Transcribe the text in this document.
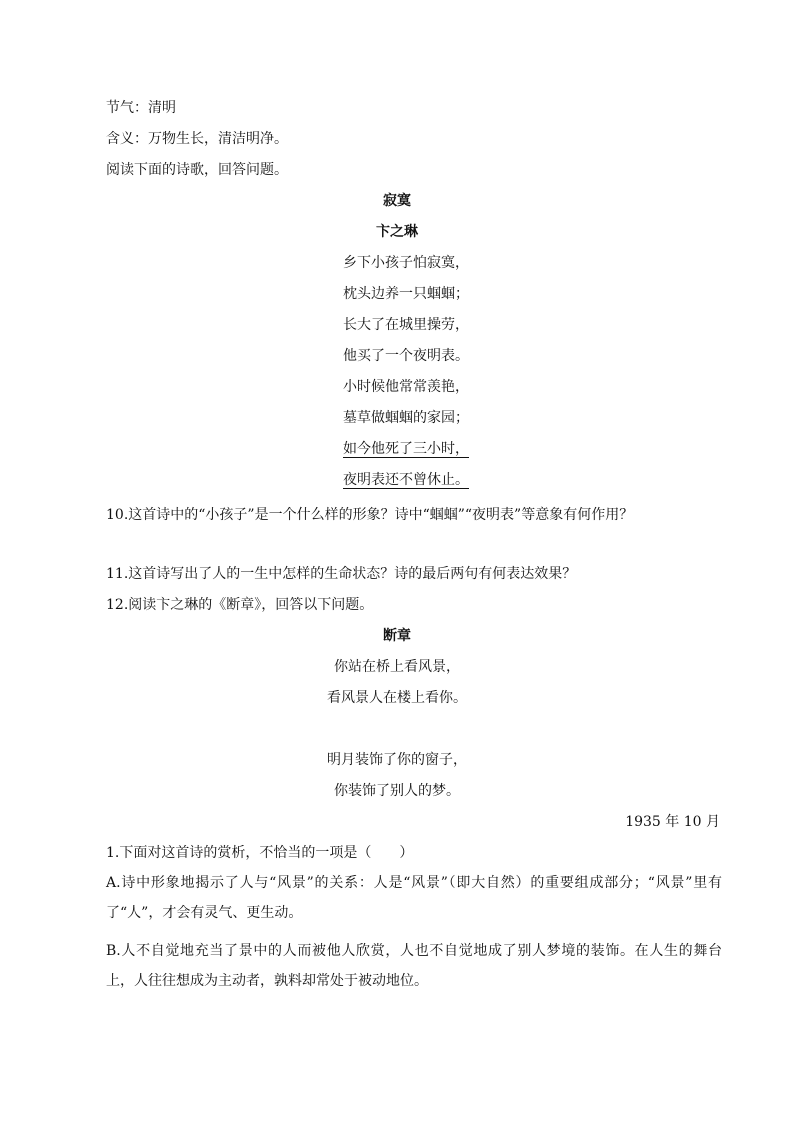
节气：清明
含义：万物生长，清洁明净。
阅读下面的诗歌，回答问题。
寂寞
卞之琳
乡下小孩子怕寂寞，
枕头边养一只蝈蝈；
长大了在城里操劳，
他买了一个夜明表。
小时候他常常羡艳，
墓草做蝈蝈的家园；
如今他死了三小时，
夜明表还不曾休止。
10.这首诗中的“小孩子”是一个什么样的形象？诗中“蝈蝈”“夜明表”等意象有何作用？
11.这首诗写出了人的一生中怎样的生命状态？诗的最后两句有何表达效果？
12.阅读卞之琳的《断章》，回答以下问题。
断章
你站在桥上看风景，
看风景人在楼上看你。
明月装饰了你的窗子，
你装饰了别人的梦。
1935 年 10 月
1.下面对这首诗的赏析，不恰当的一项是（　　）
A.诗中形象地揭示了人与“风景”的关系：人是“风景”（即大自然）的重要组成部分；“风景”里有了“人”，才会有灵气、更生动。
B.人不自觉地充当了景中的人而被他人欣赏，人也不自觉地成了别人梦境的装饰。在人生的舞台上，人往往想成为主动者，孰料却常处于被动地位。
